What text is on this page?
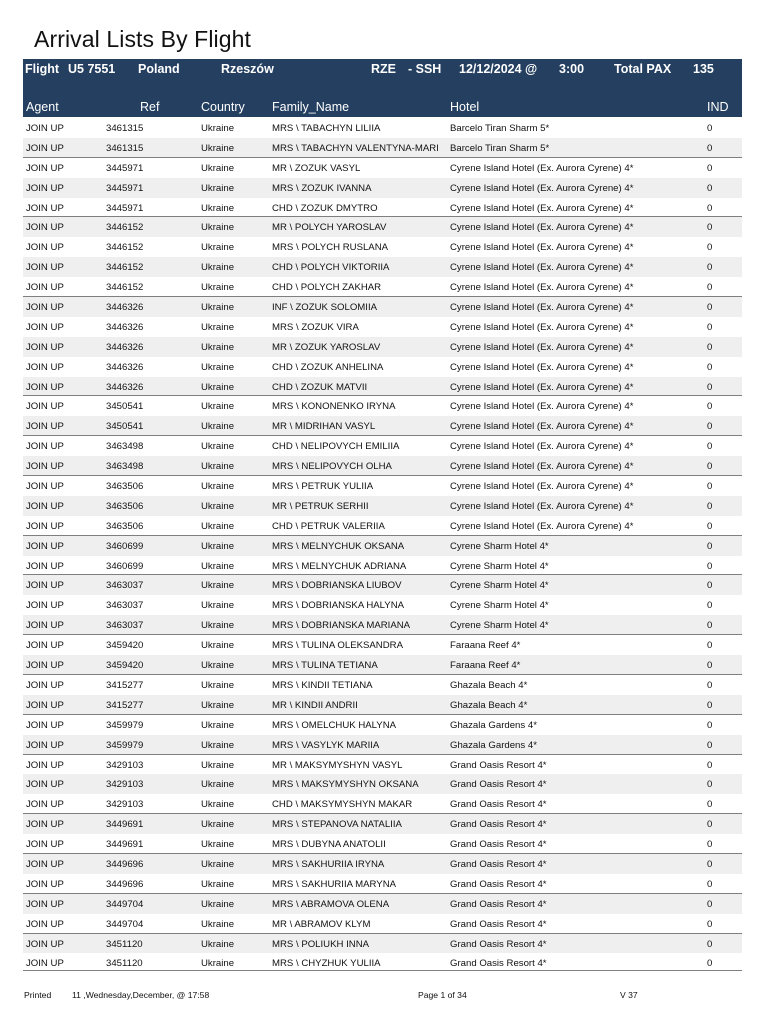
Arrival Lists By Flight
Flight U5 7551 Poland	Rzeszów	RZE - SSH 12/12/2024 @ 3:00 Total PAX 135
Agent	Ref	Country Family_Name	Hotel	IND
JOIN UP	3461315	Ukraine	MRS \ TABACHYN LILIIA	Barcelo Tiran Sharm 5*	0
JOIN UP	3461315	Ukraine	MRS \ TABACHYN VALENTYNA-MARI	Barcelo Tiran Sharm 5*	0
JOIN UP	3445971	Ukraine	MR \ ZOZUK VASYL	Cyrene Island Hotel (Ex. Aurora Cyrene) 4*	0
JOIN UP	3445971	Ukraine	MRS \ ZOZUK IVANNA	Cyrene Island Hotel (Ex. Aurora Cyrene) 4*	0
JOIN UP	3445971	Ukraine	CHD \ ZOZUK DMYTRO	Cyrene Island Hotel (Ex. Aurora Cyrene) 4*	0
JOIN UP	3446152	Ukraine	MR \ POLYCH YAROSLAV	Cyrene Island Hotel (Ex. Aurora Cyrene) 4*	0
JOIN UP	3446152	Ukraine	MRS \ POLYCH RUSLANA	Cyrene Island Hotel (Ex. Aurora Cyrene) 4*	0
JOIN UP	3446152	Ukraine	CHD \ POLYCH VIKTORIIA	Cyrene Island Hotel (Ex. Aurora Cyrene) 4*	0
JOIN UP	3446152	Ukraine	CHD \ POLYCH ZAKHAR	Cyrene Island Hotel (Ex. Aurora Cyrene) 4*	0
JOIN UP	3446326	Ukraine	INF \ ZOZUK SOLOMIIA	Cyrene Island Hotel (Ex. Aurora Cyrene) 4*	0
JOIN UP	3446326	Ukraine	MRS \ ZOZUK VIRA	Cyrene Island Hotel (Ex. Aurora Cyrene) 4*	0
JOIN UP	3446326	Ukraine	MR \ ZOZUK YAROSLAV	Cyrene Island Hotel (Ex. Aurora Cyrene) 4*	0
JOIN UP	3446326	Ukraine	CHD \ ZOZUK ANHELINA	Cyrene Island Hotel (Ex. Aurora Cyrene) 4*	0
JOIN UP	3446326	Ukraine	CHD \ ZOZUK MATVII	Cyrene Island Hotel (Ex. Aurora Cyrene) 4*	0
JOIN UP	3450541	Ukraine	MRS \ KONONENKO IRYNA	Cyrene Island Hotel (Ex. Aurora Cyrene) 4*	0
JOIN UP	3450541	Ukraine	MR \ MIDRIHAN VASYL	Cyrene Island Hotel (Ex. Aurora Cyrene) 4*	0
JOIN UP	3463498	Ukraine	CHD \ NELIPOVYCH EMILIIA	Cyrene Island Hotel (Ex. Aurora Cyrene) 4*	0
JOIN UP	3463498	Ukraine	MRS \ NELIPOVYCH OLHA	Cyrene Island Hotel (Ex. Aurora Cyrene) 4*	0
JOIN UP	3463506	Ukraine	MRS \ PETRUK YULIIA	Cyrene Island Hotel (Ex. Aurora Cyrene) 4*	0
JOIN UP	3463506	Ukraine	MR \ PETRUK SERHII	Cyrene Island Hotel (Ex. Aurora Cyrene) 4*	0
JOIN UP	3463506	Ukraine	CHD \ PETRUK VALERIIA	Cyrene Island Hotel (Ex. Aurora Cyrene) 4*	0
JOIN UP	3460699	Ukraine	MRS \ MELNYCHUK OKSANA	Cyrene Sharm Hotel 4*	0
JOIN UP	3460699	Ukraine	MRS \ MELNYCHUK ADRIANA	Cyrene Sharm Hotel 4*	0
JOIN UP	3463037	Ukraine	MRS \ DOBRIANSKA LIUBOV	Cyrene Sharm Hotel 4*	0
JOIN UP	3463037	Ukraine	MRS \ DOBRIANSKA HALYNA	Cyrene Sharm Hotel 4*	0
JOIN UP	3463037	Ukraine	MRS \ DOBRIANSKA MARIANA	Cyrene Sharm Hotel 4*	0
JOIN UP	3459420	Ukraine	MRS \ TULINA OLEKSANDRA	Faraana Reef 4*	0
JOIN UP	3459420	Ukraine	MRS \ TULINA TETIANA	Faraana Reef 4*	0
JOIN UP	3415277	Ukraine	MRS \ KINDII TETIANA	Ghazala Beach 4*	0
JOIN UP	3415277	Ukraine	MR \ KINDII ANDRII	Ghazala Beach 4*	0
JOIN UP	3459979	Ukraine	MRS \ OMELCHUK HALYNA	Ghazala Gardens 4*	0
JOIN UP	3459979	Ukraine	MRS \ VASYLYK MARIIA	Ghazala Gardens 4*	0
JOIN UP	3429103	Ukraine	MR \ MAKSYMYSHYN VASYL	Grand Oasis Resort 4*	0
JOIN UP	3429103	Ukraine	MRS \ MAKSYMYSHYN OKSANA	Grand Oasis Resort 4*	0
JOIN UP	3429103	Ukraine	CHD \ MAKSYMYSHYN MAKAR	Grand Oasis Resort 4*	0
JOIN UP	3449691	Ukraine	MRS \ STEPANOVA NATALIIA	Grand Oasis Resort 4*	0
JOIN UP	3449691	Ukraine	MRS \ DUBYNA ANATOLII	Grand Oasis Resort 4*	0
JOIN UP	3449696	Ukraine	MRS \ SAKHURIIA IRYNA	Grand Oasis Resort 4*	0
JOIN UP	3449696	Ukraine	MRS \ SAKHURIIA MARYNA	Grand Oasis Resort 4*	0
JOIN UP	3449704	Ukraine	MRS \ ABRAMOVA OLENA	Grand Oasis Resort 4*	0
JOIN UP	3449704	Ukraine	MR \ ABRAMOV KLYM	Grand Oasis Resort 4*	0
JOIN UP	3451120	Ukraine	MRS \ POLIUKH INNA	Grand Oasis Resort 4*	0
JOIN UP	3451120	Ukraine	MRS \ CHYZHUK YULIIA	Grand Oasis Resort 4*	0
Printed 11 ,Wednesday,December, @ 17:58	Page 1 of 34	V 37
